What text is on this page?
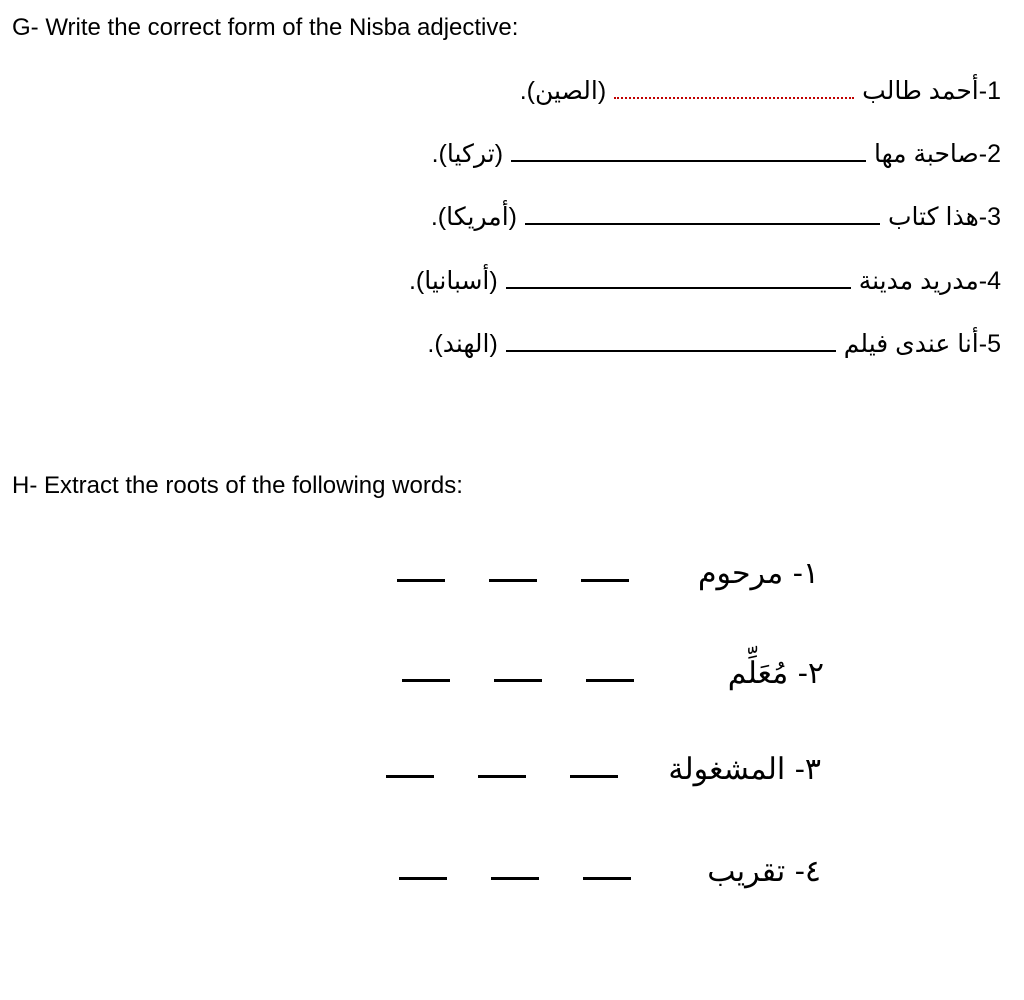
G- Write the correct form of the Nisba adjective:
1-
أحمد طالب
(الصين).
2-
صاحبة مها
(تركيا).
3-
هذا كتاب
(أمريكا).
4-
مدريد مدينة
(أسبانيا).
5-
أنا عندى فيلم
(الهند).
H- Extract the roots of the following words:
١- مرحوم
٢- مُعَلِّم
٣- المشغولة
٤- تقريب
